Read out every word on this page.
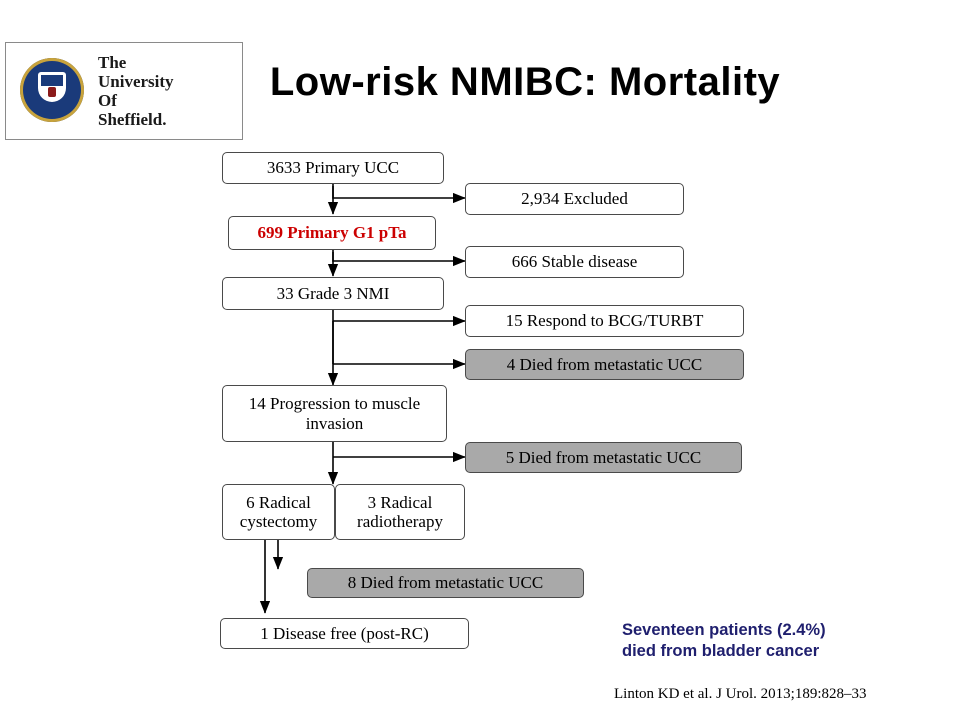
The
University
Of
Sheffield.
Low-risk NMIBC: Mortality
3633 Primary UCC
2,934 Excluded
699 Primary G1 pTa
666 Stable disease
33 Grade 3 NMI
15 Respond to BCG/TURBT
4 Died from metastatic UCC
14 Progression to muscle invasion
5 Died from metastatic UCC
6 Radical cystectomy
3 Radical radiotherapy
8 Died from metastatic UCC
1 Disease free (post-RC)	Seventeen patients (2.4%)
died from bladder cancer
Linton KD et al. J Urol. 2013;189:828–33
